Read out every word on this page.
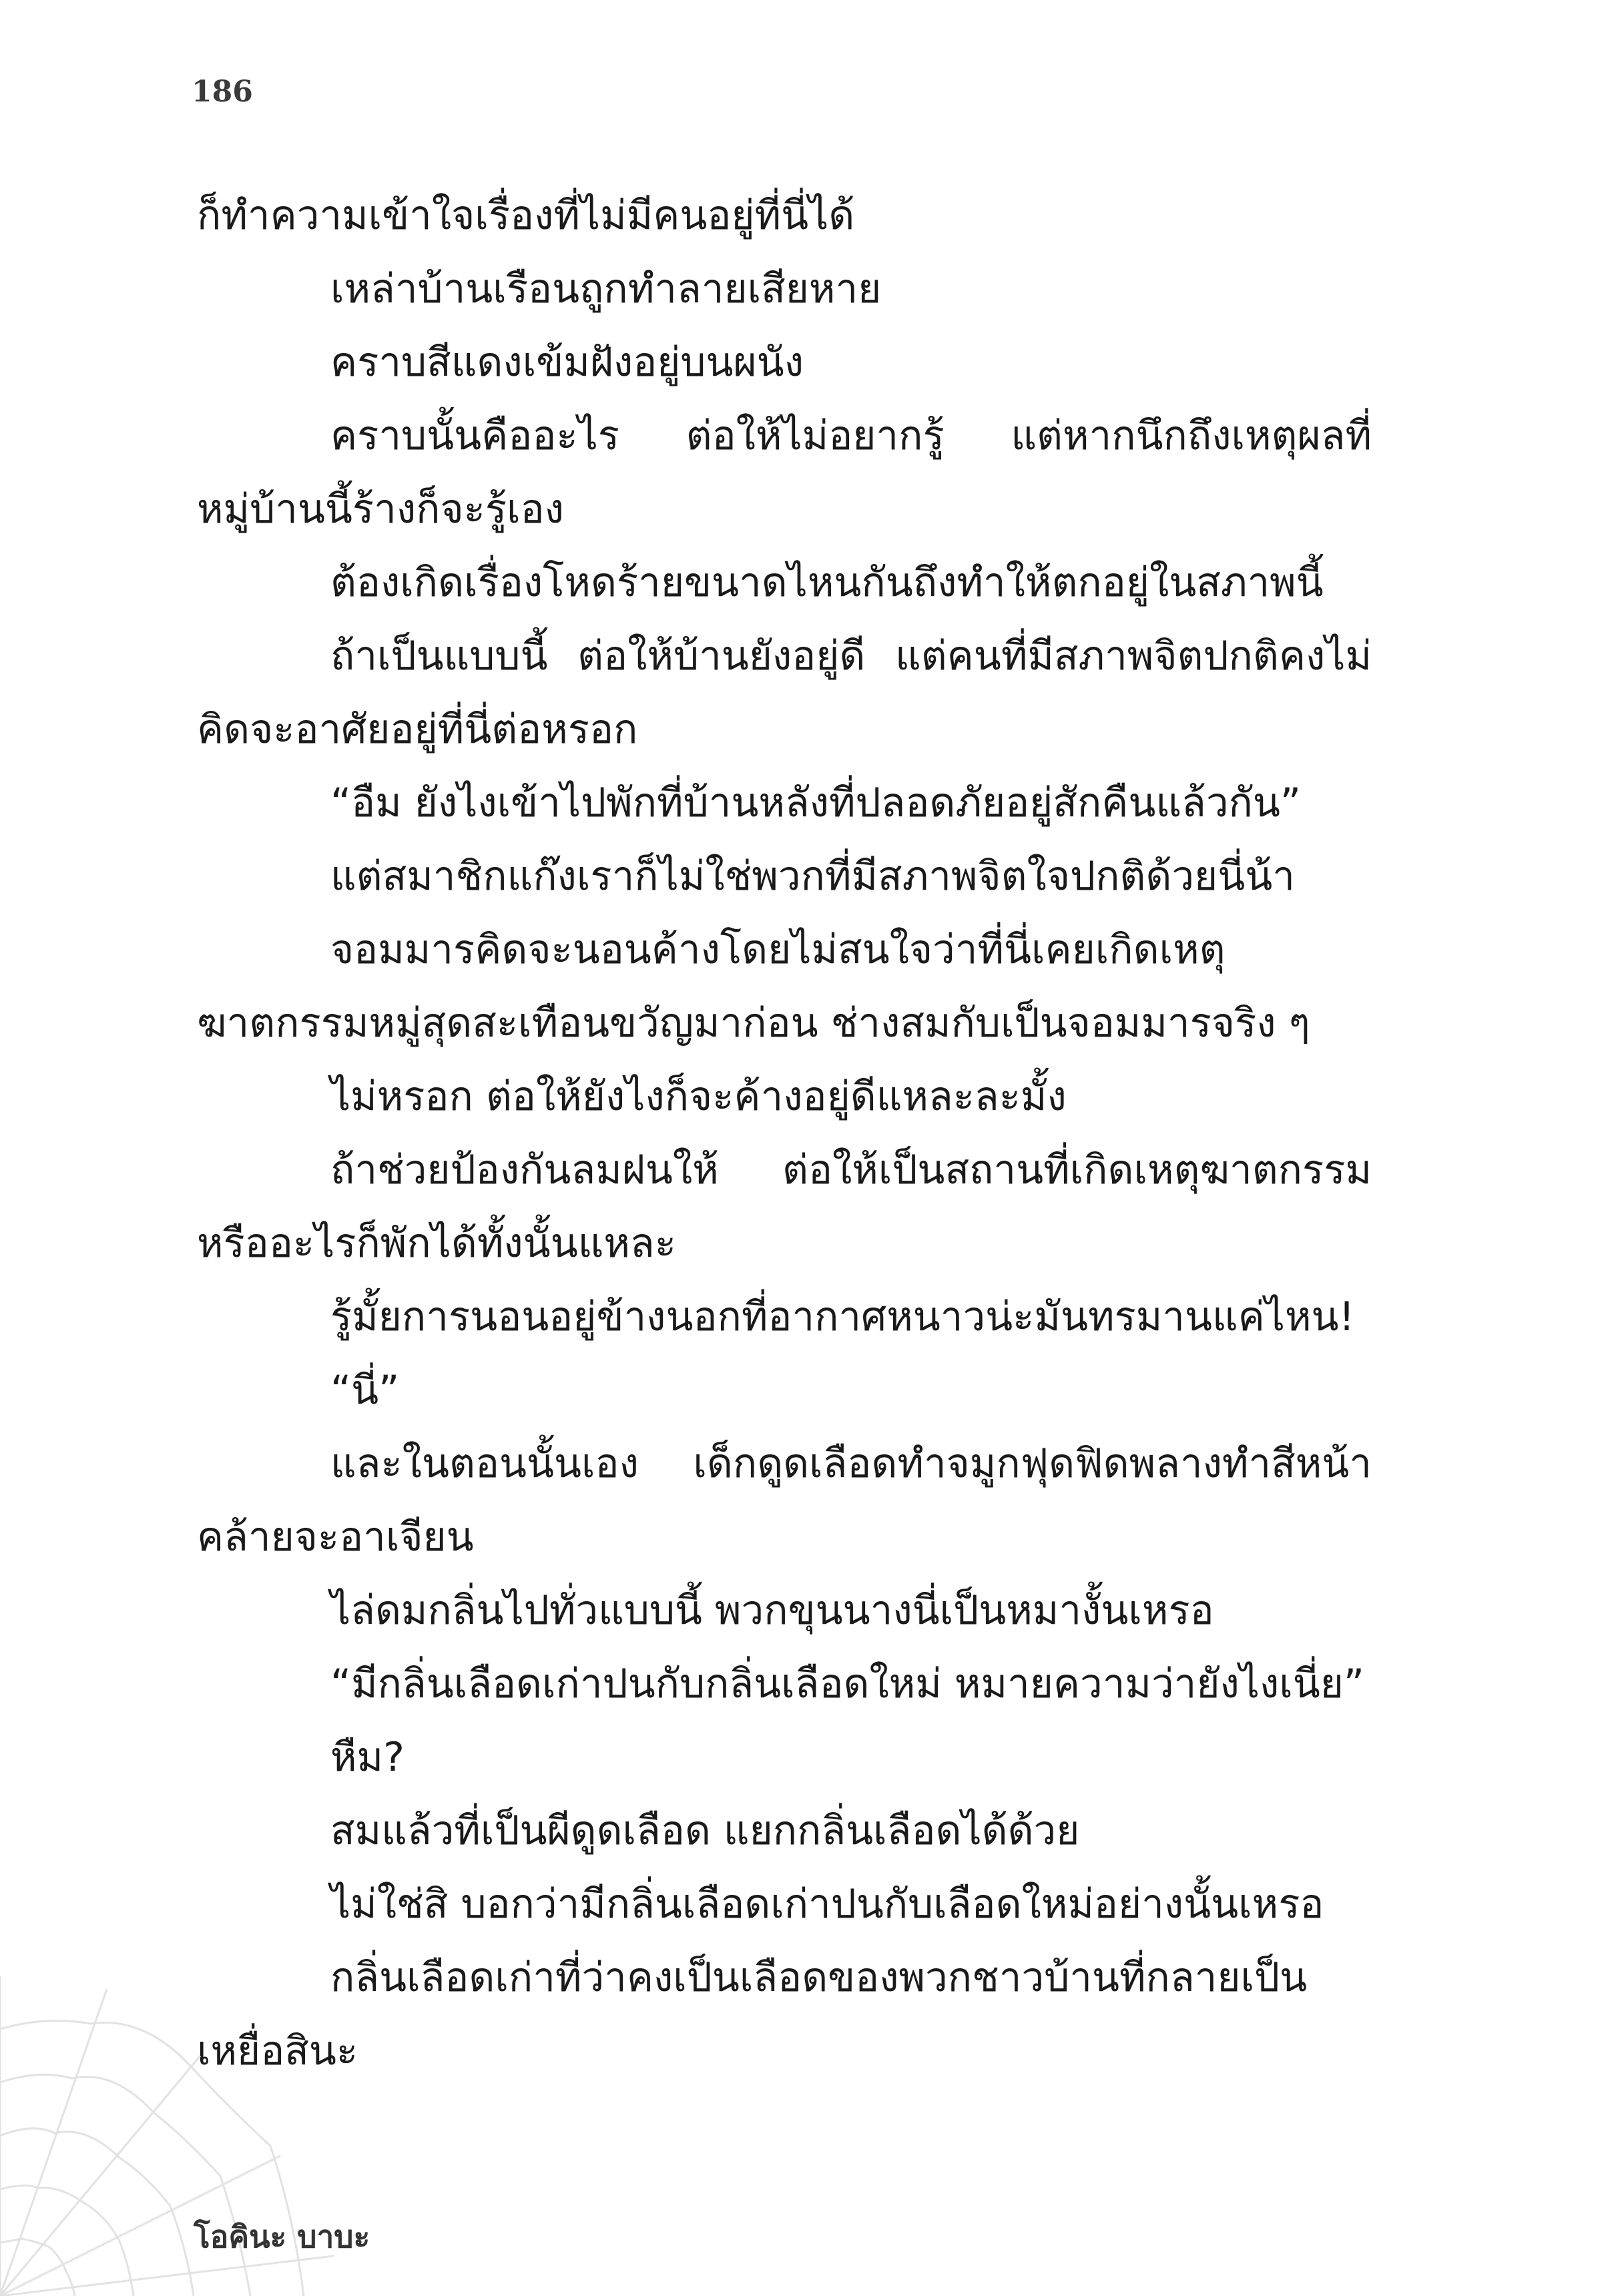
186

ก็ทำความเข้าใจเรื่องที่ไม่มีคนอยู่ที่นี่ได้

เหล่าบ้านเรือนถูกทำลายเสียหาย

คราบสีแดงเข้มฝังอยู่บนผนัง

คราบนั้นคืออะไร ต่อให้ไม่อยากรู้ แต่หากนึกถึงเหตุผลที่หมู่บ้านนี้ร้างก็จะรู้เอง

ต้องเกิดเรื่องโหดร้ายขนาดไหนกันถึงทำให้ตกอยู่ในสภาพนี้

ถ้าเป็นแบบนี้ ต่อให้บ้านยังอยู่ดี แต่คนที่มีสภาพจิตปกติคงไม่คิดจะอาศัยอยู่ที่นี่ต่อหรอก

“อืม ยังไงเข้าไปพักที่บ้านหลังที่ปลอดภัยอยู่สักคืนแล้วกัน”

แต่สมาชิกแก๊งเราก็ไม่ใช่พวกที่มีสภาพจิตใจปกติด้วยนี่น้า

จอมมารคิดจะนอนค้างโดยไม่สนใจว่าที่นี่เคยเกิดเหตุฆาตกรรมหมู่สุดสะเทือนขวัญมาก่อน ช่างสมกับเป็นจอมมารจริง ๆ

ไม่หรอก ต่อให้ยังไงก็จะค้างอยู่ดีแหละละมั้ง

ถ้าช่วยป้องกันลมฝนให้ ต่อให้เป็นสถานที่เกิดเหตุฆาตกรรมหรืออะไรก็พักได้ทั้งนั้นแหละ

รู้มั้ยการนอนอยู่ข้างนอกที่อากาศหนาวน่ะมันทรมานแค่ไหน!

“นี่”

และในตอนนั้นเอง เด็กดูดเลือดทำจมูกฟุดฟิดพลางทำสีหน้าคล้ายจะอาเจียน

ไล่ดมกลิ่นไปทั่วแบบนี้ พวกขุนนางนี่เป็นหมางั้นเหรอ

“มีกลิ่นเลือดเก่าปนกับกลิ่นเลือดใหม่ หมายความว่ายังไงเนี่ย”

หืม?

สมแล้วที่เป็นผีดูดเลือด แยกกลิ่นเลือดได้ด้วย

ไม่ใช่สิ บอกว่ามีกลิ่นเลือดเก่าปนกับเลือดใหม่อย่างนั้นเหรอ

กลิ่นเลือดเก่าที่ว่าคงเป็นเลือดของพวกชาวบ้านที่กลายเป็นเหยื่อสินะ

โอคินะ บาบะ
